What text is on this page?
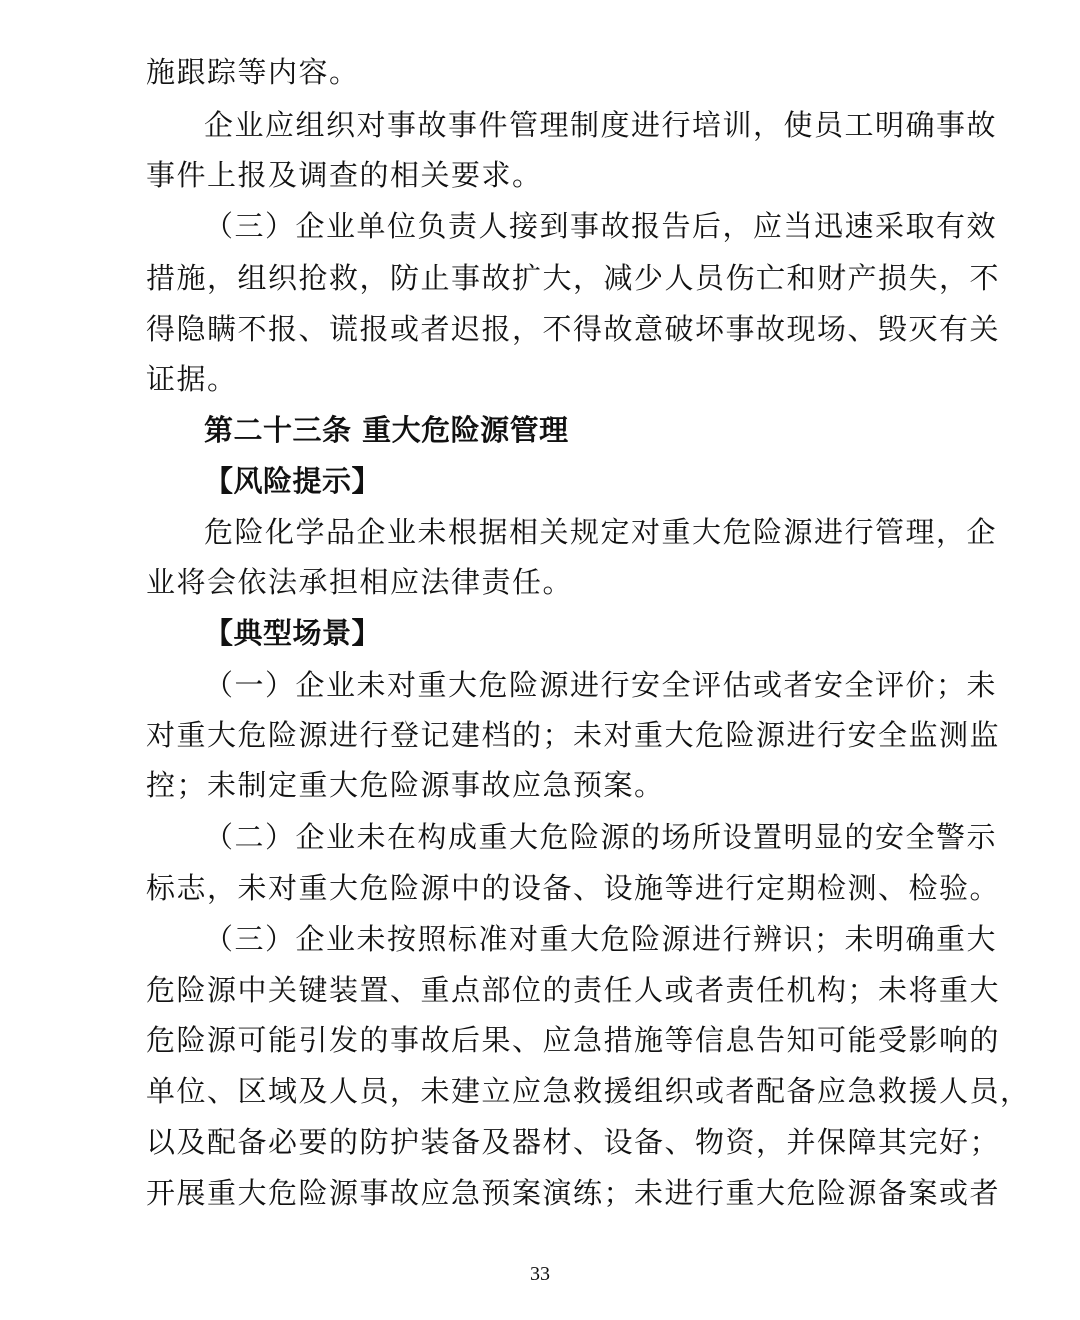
施跟踪等内容。
企业应组织对事故事件管理制度进行培训，使员工明确事故
事件上报及调查的相关要求。
（三）企业单位负责人接到事故报告后，应当迅速采取有效
措施，组织抢救，防止事故扩大，减少人员伤亡和财产损失，不
得隐瞒不报、谎报或者迟报，不得故意破坏事故现场、毁灭有关
证据。
第二十三条 重大危险源管理
【风险提示】
危险化学品企业未根据相关规定对重大危险源进行管理，企
业将会依法承担相应法律责任。
【典型场景】
（一）企业未对重大危险源进行安全评估或者安全评价；未
对重大危险源进行登记建档的；未对重大危险源进行安全监测监
控；未制定重大危险源事故应急预案。
（二）企业未在构成重大危险源的场所设置明显的安全警示
标志，未对重大危险源中的设备、设施等进行定期检测、检验。
（三）企业未按照标准对重大危险源进行辨识；未明确重大
危险源中关键装置、重点部位的责任人或者责任机构；未将重大
危险源可能引发的事故后果、应急措施等信息告知可能受影响的
单位、区域及人员，未建立应急救援组织或者配备应急救援人员，
以及配备必要的防护装备及器材、设备、物资，并保障其完好；
开展重大危险源事故应急预案演练；未进行重大危险源备案或者
33
